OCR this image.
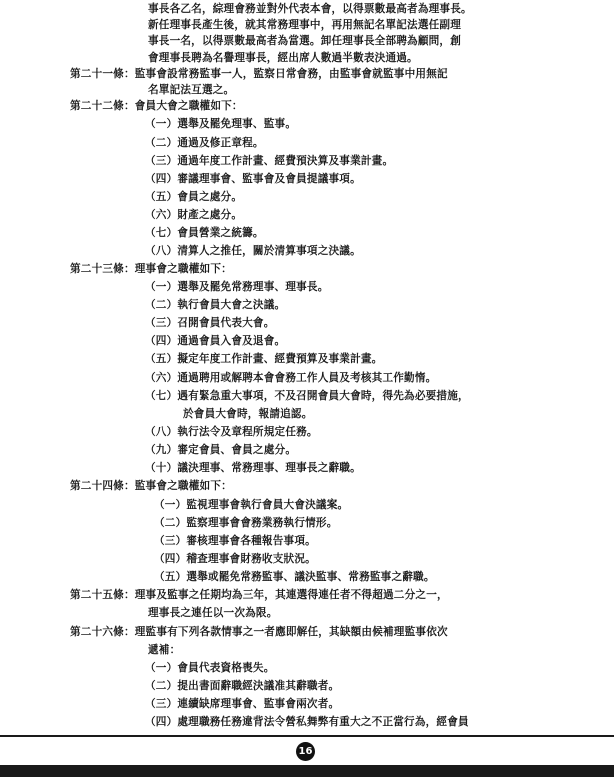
事長各乙名，綜理會務並對外代表本會，以得票數最高者為理事長。
新任理事長產生後，就其常務理事中，再用無記名單記法選任副理
事長一名，以得票數最高者為當選。卸任理事長全部聘為顧問，創
會理事長聘為名譽理事長，經出席人數過半數表決通過。
第二十一條：監事會設常務監事一人，監察日常會務，由監事會就監事中用無記
名單記法互選之。
第二十二條：會員大會之職權如下：
（一）選舉及罷免理事、監事。
（二）通過及修正章程。
（三）通過年度工作計畫、經費預決算及事業計畫。
（四）審議理事會、監事會及會員提議事項。
（五）會員之處分。
（六）財產之處分。
（七）會員營業之統籌。
（八）清算人之推任，關於清算事項之決議。
第二十三條：理事會之職權如下：
（一）選舉及罷免常務理事、理事長。
（二）執行會員大會之決議。
（三）召開會員代表大會。
（四）通過會員入會及退會。
（五）擬定年度工作計畫、經費預算及事業計畫。
（六）通過聘用或解聘本會會務工作人員及考核其工作勤惰。
（七）遇有緊急重大事項，不及召開會員大會時，得先為必要措施，
於會員大會時，報請追認。
（八）執行法令及章程所規定任務。
（九）審定會員、會員之處分。
（十）議決理事、常務理事、理事長之辭職。
第二十四條：監事會之職權如下：
（一）監視理事會執行會員大會決議案。
（二）監察理事會會務業務執行情形。
（三）審核理事會各種報告事項。
（四）稽查理事會財務收支狀況。
（五）選舉或罷免常務監事、議決監事、常務監事之辭職。
第二十五條：理事及監事之任期均為三年，其連選得連任者不得超過二分之一，
理事長之連任以一次為限。
第二十六條：理監事有下列各款情事之一者應即解任，其缺額由候補理監事依次
遞補：
（一）會員代表資格喪失。
（二）提出書面辭職經決議准其辭職者。
（三）連續缺席理事會、監事會兩次者。
（四）處理職務任務違背法令營私舞弊有重大之不正當行為，經會員
16
